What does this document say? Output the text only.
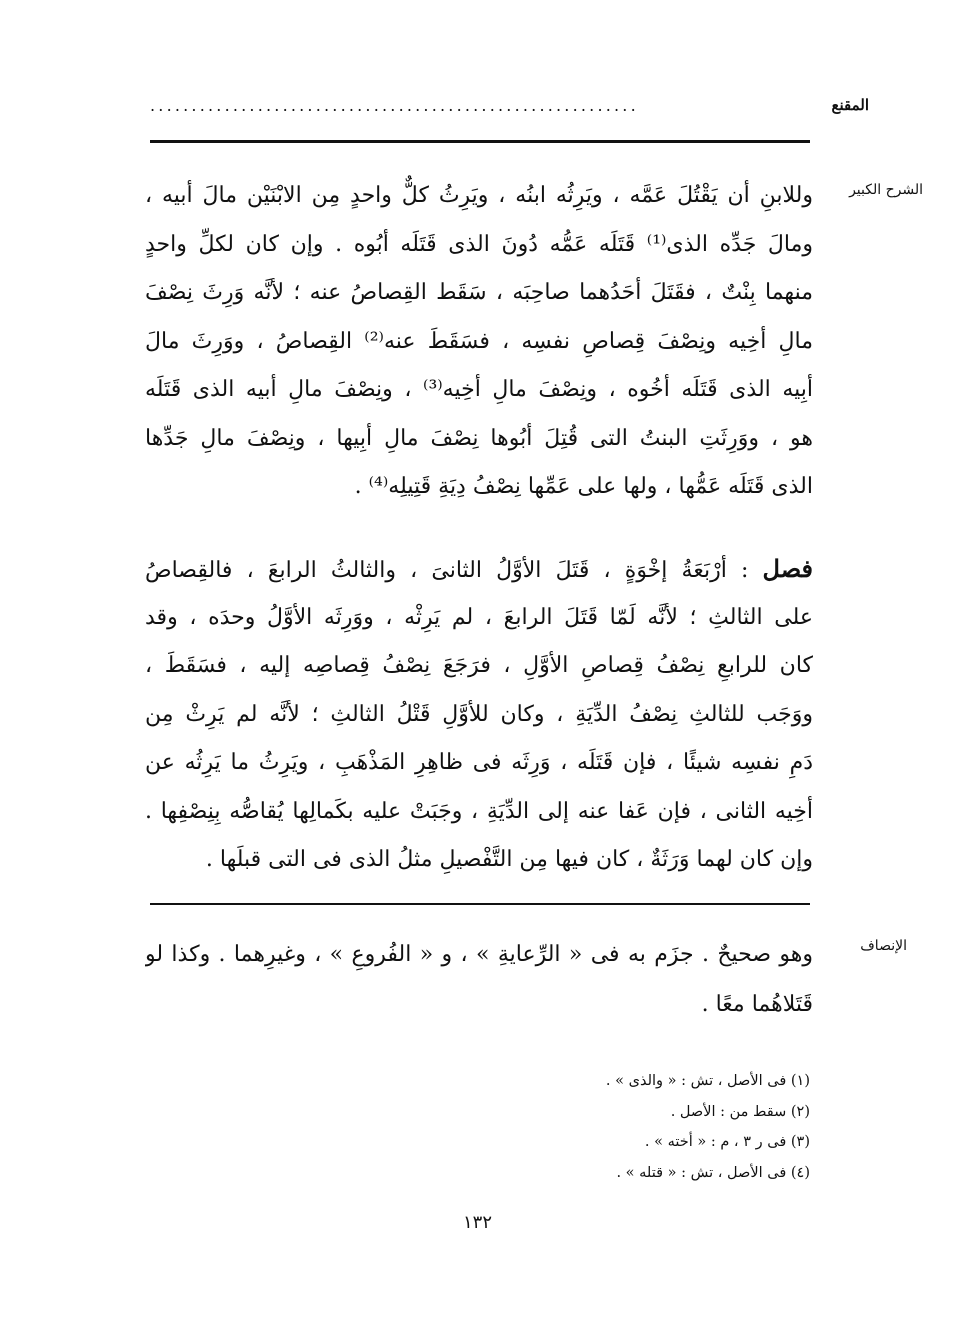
المقنع
...........................................................
الشرح الكبير
الإنصاف
وللابنِ أن يَقْتُلَ عَمَّه ، ويَرِثُه ابنُه ، ويَرِثُ كلٌّ واحدٍ مِن الابْنَيْن مالَ أبيه ،
ومالَ جَدِّه الذى⁽¹⁾ قَتَلَه عَمُّه دُونَ الذى قَتَلَه أبُوه . وإن كان لكلِّ واحدٍ
منهما بِنْتٌ ، فقَتَلَ أحَدُهما صاحِبَه ، سَقَط القِصاصُ عنه ؛ لأنَّه وَرِثَ نِصْفَ
مالِ أخِيه ونِصْفَ قِصاصِ نفسِه ، فسَقَطَ عنه⁽²⁾ القِصاصُ ، ووَرِثَ مالَ
أبِيه الذى قَتَلَه أخُوه ، ونِصْفَ مالِ أخِيه⁽³⁾ ، ونِصْفَ مالِ أبيه الذى قَتَلَه
هو ، ووَرِثَتِ البنتُ التى قُتِلَ أبُوها نِصْفَ مالِ أبِيها ، ونِصْفَ مالِ جَدِّها
الذى قَتَلَه عَمُّها ، ولها على عَمِّها نِصْفُ دِيَةِ قَتِيلِه⁽⁴⁾ .
فصل : أرْبَعَةُ إخْوَةٍ ، قَتَلَ الأوَّلُ الثانىَ ، والثالثُ الرابعَ ، فالقِصاصُ
على الثالثِ ؛ لأنَّه لَمّا قَتَلَ الرابعَ ، لم يَرِثْه ، ووَرِثَه الأوَّلُ وحدَه ، وقد
كان للرابعِ نِصْفُ قِصاصِ الأوَّلِ ، فرَجَعَ نِصْفُ قِصاصِه إليه ، فسَقَطَ ،
ووَجَب للثالثِ نِصْفُ الدِّيَةِ ، وكان للأوَّلِ قَتْلُ الثالثِ ؛ لأنَّه لم يَرِثْ مِن
دَمِ نفسِه شيئًا ، فإن قَتَلَه ، وَرِثَه فى ظاهِرِ المَذْهَبِ ، ويَرِثُ ما يَرِثُه عن
أخِيه الثانى ، فإن عَفا عنه إلى الدِّيَةِ ، وجَبَتْ عليه بكَمالِها يُقاصُّه بِنِصْفِها .
وإن كان لهما وَرَثَةٌ ، كان فيها مِن التَّفْصيلِ مثلُ الذى فى التى قبلَها .
وهو صحيحٌ . جزَم به فى « الرِّعايةِ » ، و « الفُروعِ » ، وغيرِهما . وكذا لو
قَتَلاهُما معًا .
(١) فى الأصل ، تش : « والذى » .
(٢) سقط من : الأصل .
(٣) فى ر ٣ ، م : « أخته » .
(٤) فى الأصل ، تش : « قتله » .
١٣٢
